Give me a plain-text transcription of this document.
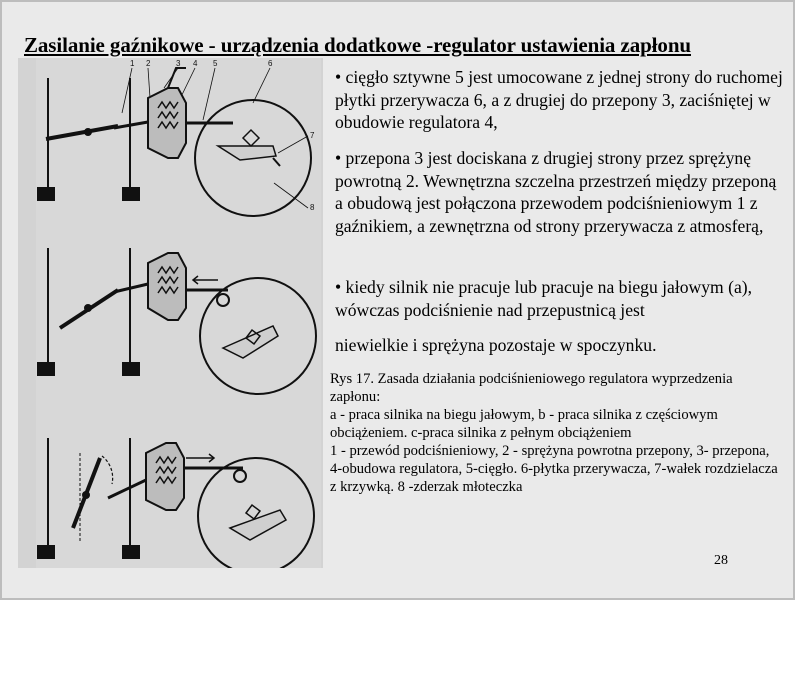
Zasilanie gaźnikowe - urządzenia dodatkowe -regulator ustawienia zapłonu
1 2	3 4 5	6
7
8

• cięgło sztywne 5 jest umocowane z jednej strony do ruchomej płytki przerywacza 6, a z drugiej do przepony 3, zaciśniętej w obudowie regulatora 4,

• przepona 3 jest dociskana z drugiej strony przez sprężynę powrotną 2. Wewnętrzna szczelna przestrzeń między przeponą a obudową jest połączona przewodem podciśnieniowym 1 z gaźnikiem, a zewnętrzna od strony przerywacza z atmosferą,

• kiedy silnik nie pracuje lub pracuje na biegu jałowym (a), wówczas podciśnienie nad przepustnicą jest

niewielkie i sprężyna pozostaje w spoczynku.

Rys 17. Zasada działania podciśnieniowego regulatora wyprzedzenia zapłonu:
a - praca silnika na biegu jałowym, b - praca silnika z częściowym obciążeniem. c-praca silnika z pełnym obciążeniem
1 - przewód podciśnieniowy, 2 - sprężyna powrotna przepony, 3- przepona, 4-obudowa regulatora, 5-cięgło. 6-płytka przerywacza, 7-wałek rozdzielacza z krzywką. 8 -zderzak młoteczka
28
